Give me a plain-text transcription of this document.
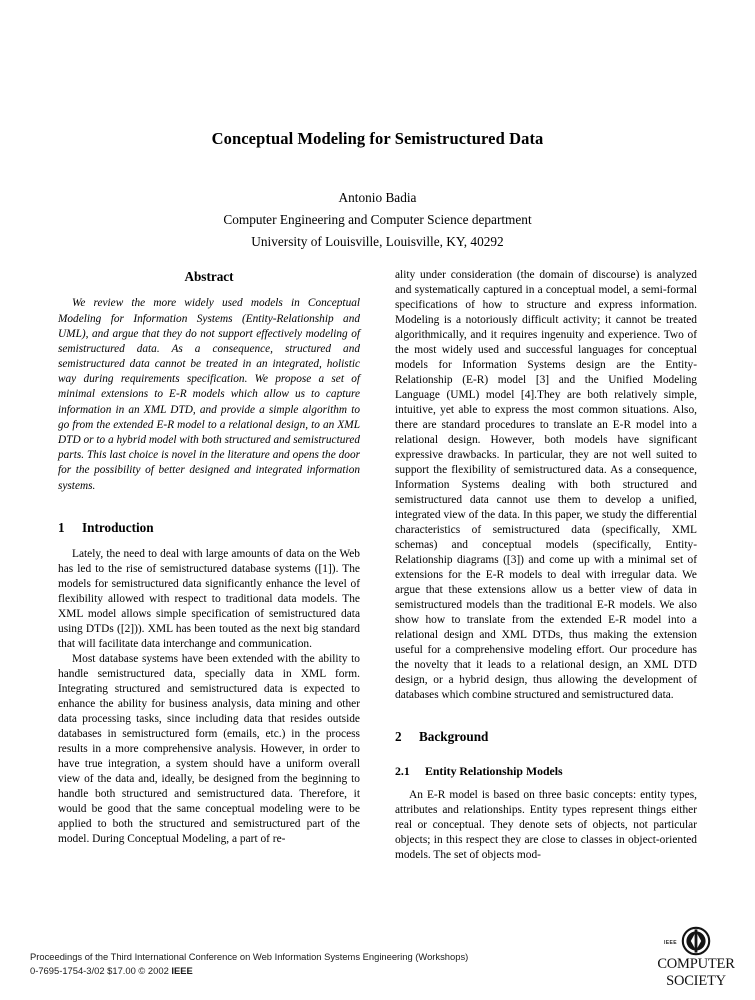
Conceptual Modeling for Semistructured Data
Antonio Badia
Computer Engineering and Computer Science department
University of Louisville, Louisville, KY, 40292
Abstract
We review the more widely used models in Conceptual Modeling for Information Systems (Entity-Relationship and UML), and argue that they do not support effectively modeling of semistructured data. As a consequence, structured and semistructured data cannot be treated in an integrated, holistic way during requirements specification. We propose a set of minimal extensions to E-R models which allow us to capture information in an XML DTD, and provide a simple algorithm to go from the extended E-R model to a relational design, to an XML DTD or to a hybrid model with both structured and semistructured parts. This last choice is novel in the literature and opens the door for the possibility of better designed and integrated information systems.
1	Introduction

Lately, the need to deal with large amounts of data on the Web has led to the rise of semistructured database systems ([1]). The models for semistructured data significantly enhance the level of flexibility allowed with respect to traditional data models. The XML model allows simple specification of semistructured data using DTDs ([2])). XML has been touted as the next big standard that will facilitate data interchange and communication.

Most database systems have been extended with the ability to handle semistructured data, specially data in XML form. Integrating structured and semistructured data is expected to enhance the ability for business analysis, data mining and other data processing tasks, since including data that resides outside databases in semistructured form (emails, etc.) in the process results in a more comprehensive analysis. However, in order to have true integration, a system should have a uniform overall view of the data and, ideally, be designed from the beginning to handle both structured and semistructured data. Therefore, it would be good that the same conceptual modeling were to be applied to both the structured and semistructured part of the model. During Conceptual Modeling, a part of re-

ality under consideration (the domain of discourse) is analyzed and systematically captured in a conceptual model, a semi-formal specifications of how to structure and express information. Modeling is a notoriously difficult activity; it cannot be treated algorithmically, and it requires ingenuity and experience. Two of the most widely used and successful languages for conceptual models for Information Systems design are the Entity-Relationship (E-R) model [3] and the Unified Modeling Language (UML) model [4].They are both relatively simple, intuitive, yet able to express the most common situations. Also, there are standard procedures to translate an E-R model into a relational design. However, both models have significant expressive drawbacks. In particular, they are not well suited to support the flexibility of semistructured data. As a consequence, Information Systems dealing with both structured and semistructured data cannot use them to develop a unified, integrated view of the data. In this paper, we study the differential characteristics of semistructured data (specifically, XML schemas) and conceptual models (specifically, Entity-Relationship diagrams ([3]) and come up with a minimal set of extensions for the E-R models to deal with irregular data. We argue that these extensions allow us a better view of data in semistructured models than the traditional E-R models. We also show how to translate from the extended E-R model into a relational design and XML DTDs, thus making the extension useful for a comprehensive modeling effort. Our procedure has the novelty that it leads to a relational design, an XML DTD design, or a hybrid design, thus allowing the development of databases which combine structured and semistructured data.

2	Background
2.1	Entity Relationship Models

An E-R model is based on three basic concepts: entity types, attributes and relationships. Entity types represent things either real or conceptual. They denote sets of objects, not particular objects; in this respect they are close to classes in object-oriented models. The set of objects mod-

Proceedings of the Third International Conference on Web Information Systems Engineering (Workshops)
0-7695-1754-3/02 $17.00 © 2002 IEEE
IEEE
COMPUTER
SOCIETY
